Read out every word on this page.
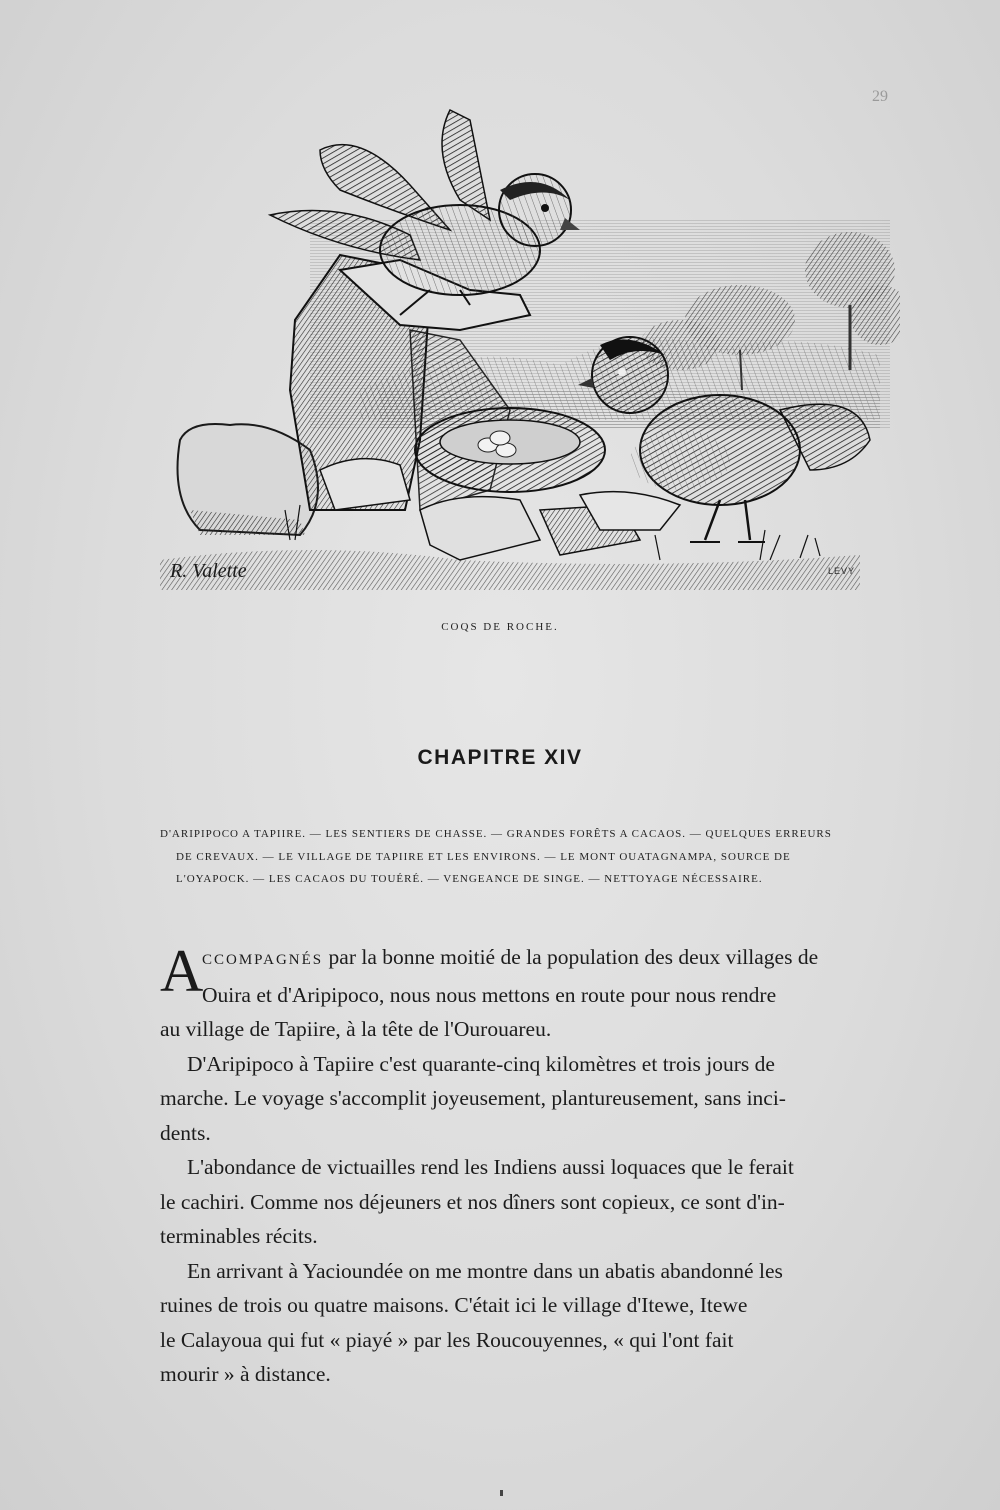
29
R. Valette	LEVY
COQS DE ROCHE.
CHAPITRE XIV
D'ARIPIPOCO A TAPIIRE. — LES SENTIERS DE CHASSE. — GRANDES FORÊTS A CACAOS. — QUELQUES ERREURS
DE CREVAUX. — LE VILLAGE DE TAPIIRE ET LES ENVIRONS. — LE MONT OUATAGNAMPA, SOURCE DE
L'OYAPOCK. — LES CACAOS DU TOUÉRÉ. — VENGEANCE DE SINGE. — NETTOYAGE NÉCESSAIRE.
A
CCOMPAGNÉS par la bonne moitié de la population des deux villages de
Ouira et d'Aripipoco, nous nous mettons en route pour nous rendre
au village de Tapiire, à la tête de l'Ourouareu.
D'Aripipoco à Tapiire c'est quarante-cinq kilomètres et trois jours de
marche. Le voyage s'accomplit joyeusement, plantureusement, sans inci-
dents.
L'abondance de victuailles rend les Indiens aussi loquaces que le ferait
le cachiri. Comme nos déjeuners et nos dîners sont copieux, ce sont d'in-
terminables récits.
En arrivant à Yacioundée on me montre dans un abatis abandonné les
ruines de trois ou quatre maisons. C'était ici le village d'Itewe, Itewe
le Calayoua qui fut « piayé » par les Roucouyennes, « qui l'ont fait
mourir » à distance.
